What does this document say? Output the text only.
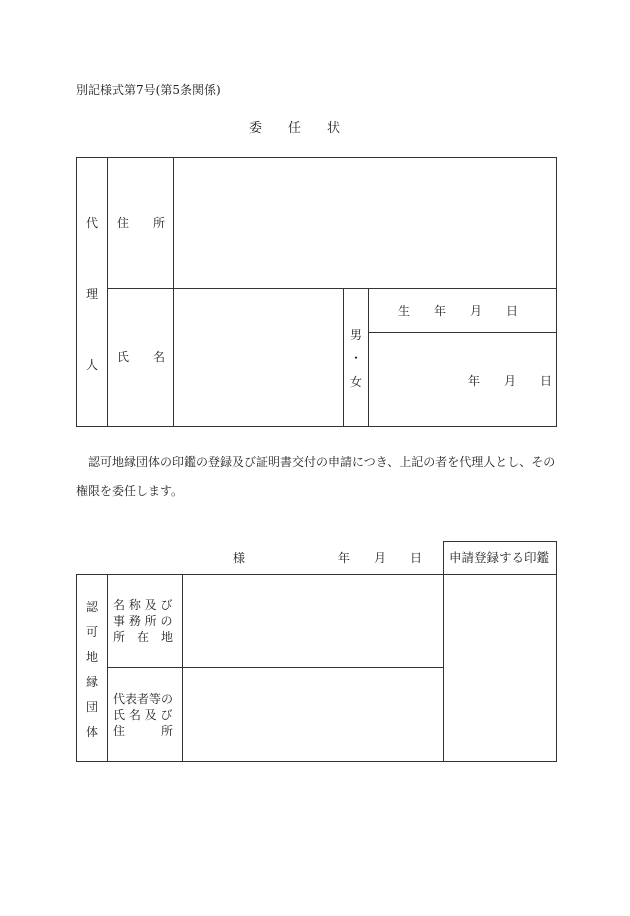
別記様式第7号(第5条関係)
委　　任　　状
代
理
人
住　　所
氏　　名
男
・
女
生　　年　　月　　日
年　　月　　日
認可地縁団体の印鑑の登録及び証明書交付の申請につき、上記の者を代理人とし、その
権限を委任します。
様	年　　月　　日 申請登録する印鑑
認
可
地
縁
団
体
名 称 及 び
事 務 所 の
所　在　地
代表者等の
氏 名 及 び
住　　　所
